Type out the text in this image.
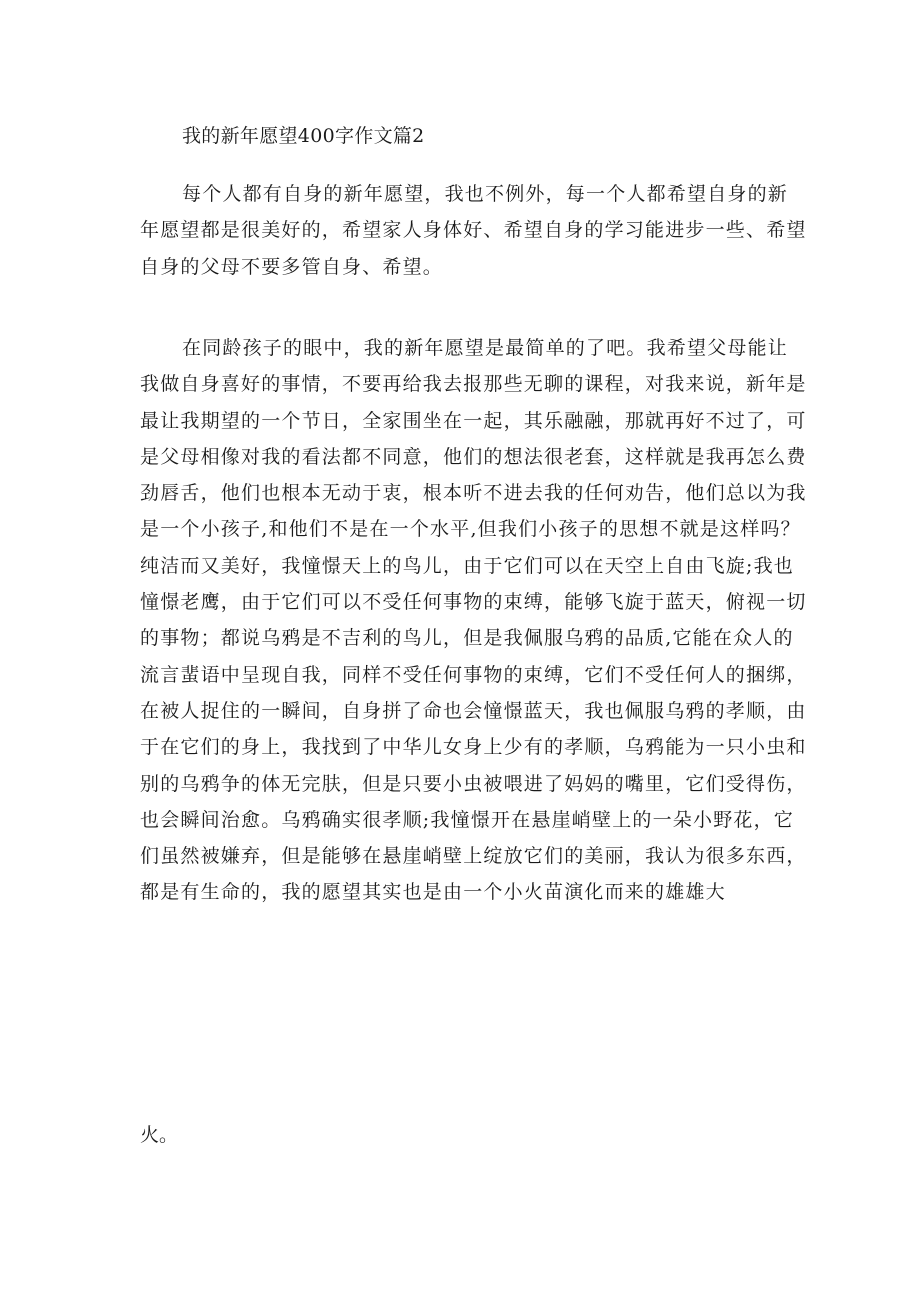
我的新年愿望400字作文篇2
每个人都有自身的新年愿望，我也不例外，每一个人都希望自身的新
年愿望都是很美好的，希望家人身体好、希望自身的学习能进步一些、希望
自身的父母不要多管自身、希望。
在同龄孩子的眼中，我的新年愿望是最简单的了吧。我希望父母能让
我做自身喜好的事情，不要再给我去报那些无聊的课程，对我来说，新年是
最让我期望的一个节日，全家围坐在一起，其乐融融，那就再好不过了，可
是父母相像对我的看法都不同意，他们的想法很老套，这样就是我再怎么费
劲唇舌，他们也根本无动于衷，根本听不进去我的任何劝告，他们总以为我
是一个小孩子,和他们不是在一个水平,但我们小孩子的思想不就是这样吗？
纯洁而又美好，我憧憬天上的鸟儿，由于它们可以在天空上自由飞旋;我也
憧憬老鹰，由于它们可以不受任何事物的束缚，能够飞旋于蓝天，俯视一切
的事物；都说乌鸦是不吉利的鸟儿，但是我佩服乌鸦的品质,它能在众人的
流言蜚语中呈现自我，同样不受任何事物的束缚，它们不受任何人的捆绑，
在被人捉住的一瞬间，自身拼了命也会憧憬蓝天，我也佩服乌鸦的孝顺，由
于在它们的身上，我找到了中华儿女身上少有的孝顺，乌鸦能为一只小虫和
别的乌鸦争的体无完肤，但是只要小虫被喂进了妈妈的嘴里，它们受得伤，
也会瞬间治愈。乌鸦确实很孝顺;我憧憬开在悬崖峭壁上的一朵小野花，它
们虽然被嫌弃，但是能够在悬崖峭壁上绽放它们的美丽，我认为很多东西，
都是有生命的，我的愿望其实也是由一个小火苗演化而来的雄雄大
火。
